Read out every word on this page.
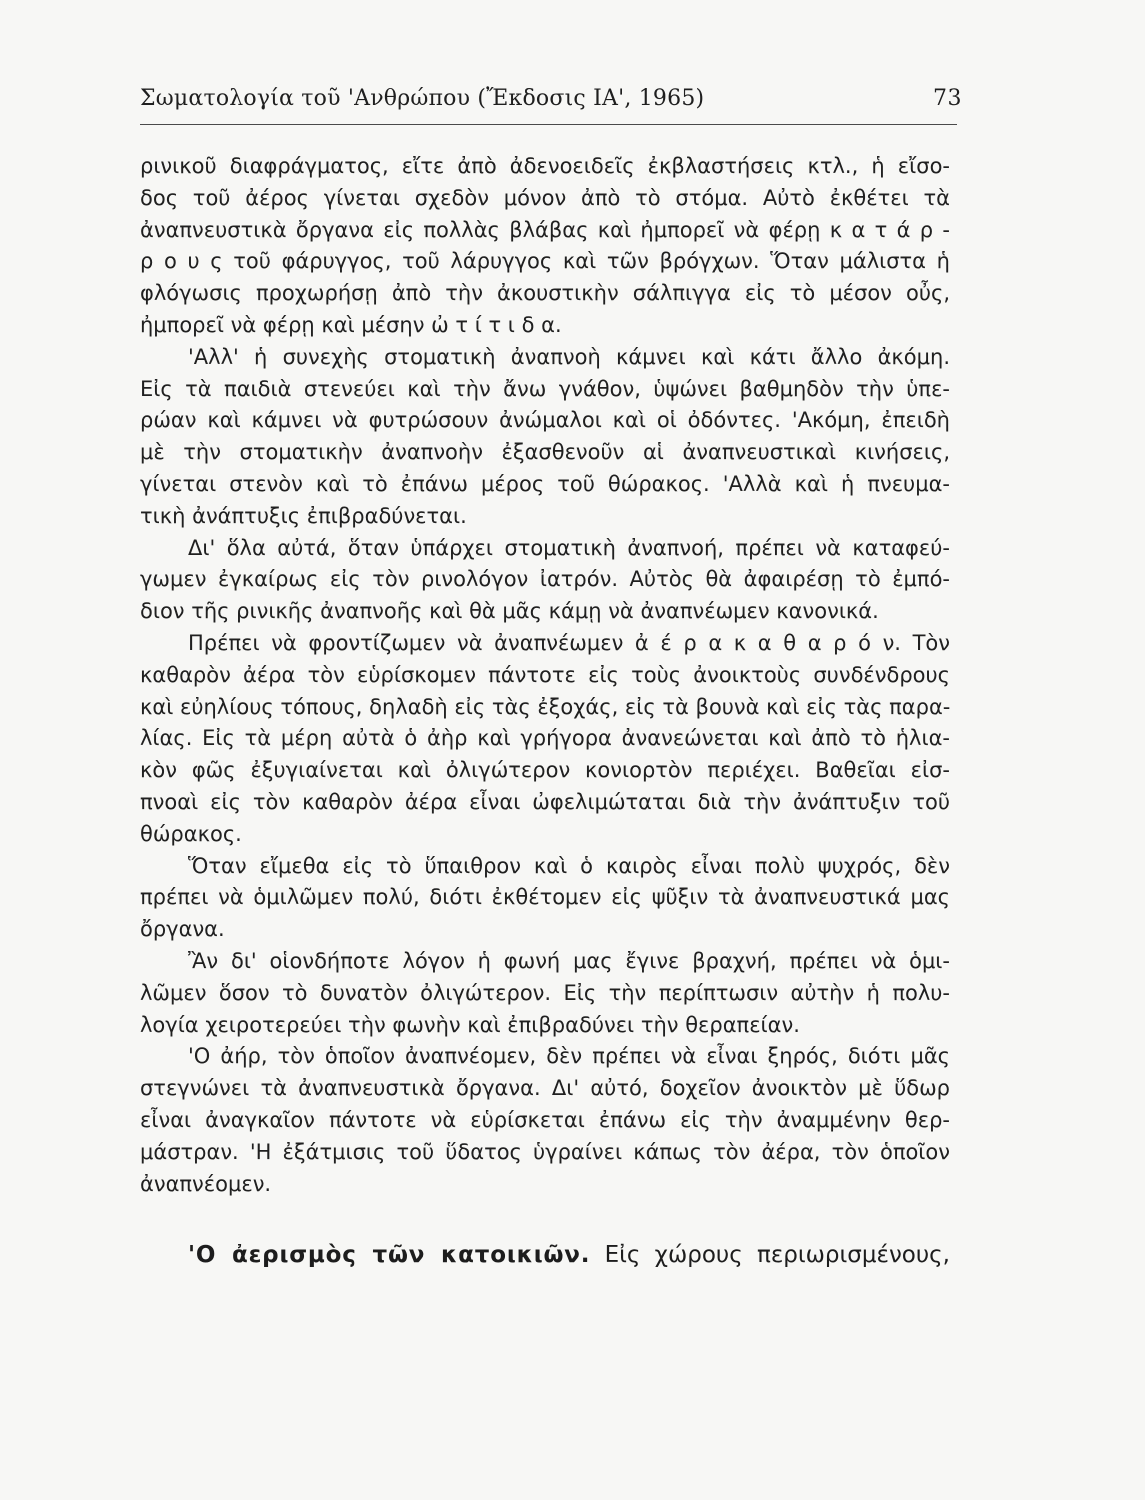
Σωματολογία τοῦ 'Ανθρώπου (Ἔκδοσις ΙΑ', 1965)	73

ρινικοῦ διαφράγματος, εἴτε ἀπὸ ἀδενοειδεῖς ἐκβλαστήσεις κτλ., ἡ εἴσο-
δος τοῦ ἀέρος γίνεται σχεδὸν μόνον ἀπὸ τὸ στόμα. Αὐτὸ ἐκθέτει τὰ
ἀναπνευστικὰ ὄργανα εἰς πολλὰς βλάβας καὶ ἠμπορεῖ νὰ φέρῃ κ α τ ά ρ -
ρ ο υ ς τοῦ φάρυγγος, τοῦ λάρυγγος καὶ τῶν βρόγχων. Ὅταν μάλιστα ἡ
φλόγωσις προχωρήσῃ ἀπὸ τὴν ἀκουστικὴν σάλπιγγα εἰς τὸ μέσον οὖς,
ἠμπορεῖ νὰ φέρῃ καὶ μέσην ὠ τ ί τ ι δ α.

'Αλλ' ἡ συνεχὴς στοματικὴ ἀναπνοὴ κάμνει καὶ κάτι ἄλλο ἀκόμη.
Εἰς τὰ παιδιὰ στενεύει καὶ τὴν ἄνω γνάθον, ὑψώνει βαθμηδὸν τὴν ὑπε-
ρώαν καὶ κάμνει νὰ φυτρώσουν ἀνώμαλοι καὶ οἱ ὀδόντες. 'Ακόμη, ἐπειδὴ
μὲ τὴν στοματικὴν ἀναπνοὴν ἐξασθενοῦν αἱ ἀναπνευστικαὶ κινήσεις,
γίνεται στενὸν καὶ τὸ ἐπάνω μέρος τοῦ θώρακος. 'Αλλὰ καὶ ἡ πνευμα-
τικὴ ἀνάπτυξις ἐπιβραδύνεται.

Δι' ὅλα αὐτά, ὅταν ὑπάρχει στοματικὴ ἀναπνοή, πρέπει νὰ καταφεύ-
γωμεν ἐγκαίρως εἰς τὸν ρινολόγον ἰατρόν. Αὐτὸς θὰ ἀφαιρέσῃ τὸ ἐμπό-
διον τῆς ρινικῆς ἀναπνοῆς καὶ θὰ μᾶς κάμῃ νὰ ἀναπνέωμεν κανονικά.

Πρέπει νὰ φροντίζωμεν νὰ ἀναπνέωμεν ἀ έ ρ α κ α θ α ρ ό ν. Τὸν
καθαρὸν ἀέρα τὸν εὑρίσκομεν πάντοτε εἰς τοὺς ἀνοικτοὺς συνδένδρους
καὶ εὐηλίους τόπους, δηλαδὴ εἰς τὰς ἐξοχάς, εἰς τὰ βουνὰ καὶ εἰς τὰς παρα-
λίας. Εἰς τὰ μέρη αὐτὰ ὁ ἀὴρ καὶ γρήγορα ἀνανεώνεται καὶ ἀπὸ τὸ ἡλια-
κὸν φῶς ἐξυγιαίνεται καὶ ὀλιγώτερον κονιορτὸν περιέχει. Βαθεῖαι εἰσ-
πνοαὶ εἰς τὸν καθαρὸν ἀέρα εἶναι ὠφελιμώταται διὰ τὴν ἀνάπτυξιν τοῦ
θώρακος.

Ὅταν εἴμεθα εἰς τὸ ὕπαιθρον καὶ ὁ καιρὸς εἶναι πολὺ ψυχρός, δὲν
πρέπει νὰ ὁμιλῶμεν πολύ, διότι ἐκθέτομεν εἰς ψῦξιν τὰ ἀναπνευστικά μας
ὄργανα.

Ἂν δι' οἱονδήποτε λόγον ἡ φωνή μας ἔγινε βραχνή, πρέπει νὰ ὁμι-
λῶμεν ὅσον τὸ δυνατὸν ὀλιγώτερον. Εἰς τὴν περίπτωσιν αὐτὴν ἡ πολυ-
λογία χειροτερεύει τὴν φωνὴν καὶ ἐπιβραδύνει τὴν θεραπείαν.

'Ο ἀήρ, τὸν ὁποῖον ἀναπνέομεν, δὲν πρέπει νὰ εἶναι ξηρός, διότι μᾶς
στεγνώνει τὰ ἀναπνευστικὰ ὄργανα. Δι' αὐτό, δοχεῖον ἀνοικτὸν μὲ ὕδωρ
εἶναι ἀναγκαῖον πάντοτε νὰ εὑρίσκεται ἐπάνω εἰς τὴν ἀναμμένην θερ-
μάστραν. 'Η ἐξάτμισις τοῦ ὕδατος ὑγραίνει κάπως τὸν ἀέρα, τὸν ὁποῖον
ἀναπνέομεν.

'Ο ἀερισμὸς τῶν κατοικιῶν. Εἰς χώρους περιωρισμένους,
